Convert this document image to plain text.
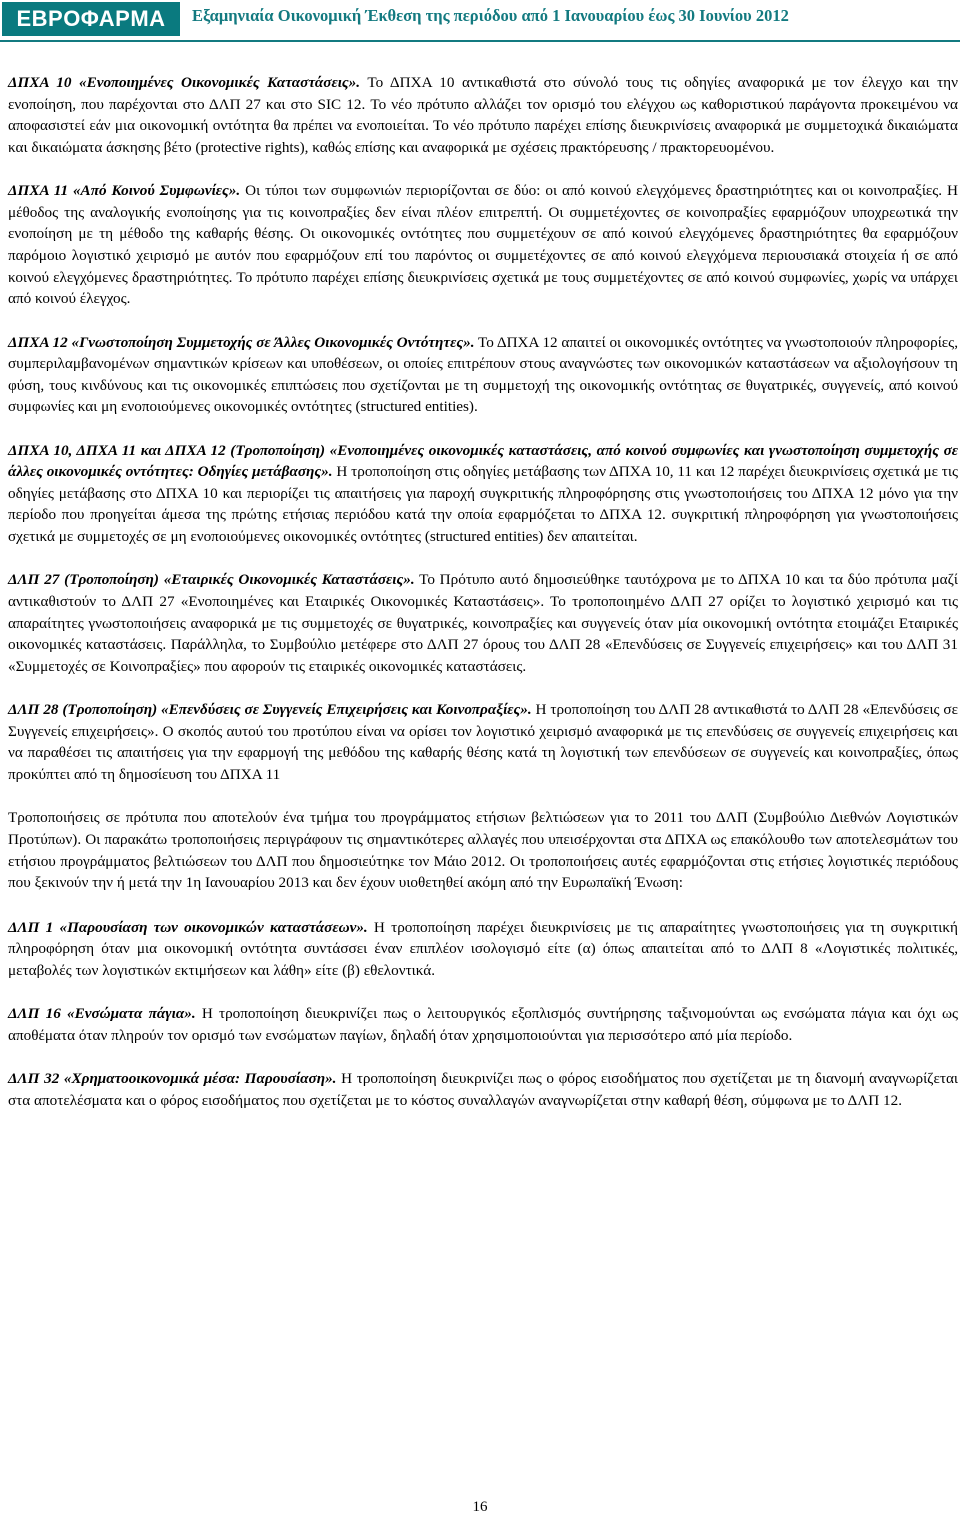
ΕΒΡΟΦΑΡΜΑ	Εξαμηνιαία Οικονομική Έκθεση της περιόδου από 1 Ιανουαρίου έως 30 Ιουνίου 2012

ΔΠΧΑ 10 «Ενοποιημένες Οικονομικές Καταστάσεις». Το ΔΠΧΑ 10 αντικαθιστά στο σύνολό τους τις οδηγίες αναφορικά με τον έλεγχο και την ενοποίηση, που παρέχονται στο ΔΛΠ 27 και στο SIC 12. Το νέο πρότυπο αλλάζει τον ορισμό του ελέγχου ως καθοριστικού παράγοντα προκειμένου να αποφασιστεί εάν μια οικονομική οντότητα θα πρέπει να ενοποιείται. Το νέο πρότυπο παρέχει επίσης διευκρινίσεις αναφορικά με συμμετοχικά δικαιώματα και δικαιώματα άσκησης βέτο (protective rights), καθώς επίσης και αναφορικά με σχέσεις πρακτόρευσης / πρακτορευομένου.

ΔΠΧΑ 11 «Από Κοινού Συμφωνίες». Οι τύποι των συμφωνιών περιορίζονται σε δύο: οι από κοινού ελεγχόμενες δραστηριότητες και οι κοινοπραξίες. Η μέθοδος της αναλογικής ενοποίησης για τις κοινοπραξίες δεν είναι πλέον επιτρεπτή. Οι συμμετέχοντες σε κοινοπραξίες εφαρμόζουν υποχρεωτικά την ενοποίηση με τη μέθοδο της καθαρής θέσης. Οι οικονομικές οντότητες που συμμετέχουν σε από κοινού ελεγχόμενες δραστηριότητες θα εφαρμόζουν παρόμοιο λογιστικό χειρισμό με αυτόν που εφαρμόζουν επί του παρόντος οι συμμετέχοντες σε από κοινού ελεγχόμενα περιουσιακά στοιχεία ή σε από κοινού ελεγχόμενες δραστηριότητες. Το πρότυπο παρέχει επίσης διευκρινίσεις σχετικά με τους συμμετέχοντες σε από κοινού συμφωνίες, χωρίς να υπάρχει από κοινού έλεγχος.

ΔΠΧΑ 12 «Γνωστοποίηση Συμμετοχής σε Άλλες Οικονομικές Οντότητες». Το ΔΠΧΑ 12 απαιτεί οι οικονομικές οντότητες να γνωστοποιούν πληροφορίες, συμπεριλαμβανομένων σημαντικών κρίσεων και υποθέσεων, οι οποίες επιτρέπουν στους αναγνώστες των οικονομικών καταστάσεων να αξιολογήσουν τη φύση, τους κινδύνους και τις οικονομικές επιπτώσεις που σχετίζονται με τη συμμετοχή της οικονομικής οντότητας σε θυγατρικές, συγγενείς, από κοινού συμφωνίες και μη ενοποιούμενες οικονομικές οντότητες (structured entities).

ΔΠΧΑ 10, ΔΠΧΑ 11 και ΔΠΧΑ 12 (Τροποποίηση) «Ενοποιημένες οικονομικές καταστάσεις, από κοινού συμφωνίες και γνωστοποίηση συμμετοχής σε άλλες οικονομικές οντότητες: Οδηγίες μετάβασης». Η τροποποίηση στις οδηγίες μετάβασης των ΔΠΧΑ 10, 11 και 12 παρέχει διευκρινίσεις σχετικά με τις οδηγίες μετάβασης στο ΔΠΧΑ 10 και περιορίζει τις απαιτήσεις για παροχή συγκριτικής πληροφόρησης στις γνωστοποιήσεις του ΔΠΧΑ 12 μόνο για την περίοδο που προηγείται άμεσα της πρώτης ετήσιας περιόδου κατά την οποία εφαρμόζεται το ΔΠΧΑ 12. συγκριτική πληροφόρηση για γνωστοποιήσεις σχετικά με συμμετοχές σε μη ενοποιούμενες οικονομικές οντότητες (structured entities) δεν απαιτείται.

ΔΛΠ 27 (Τροποποίηση) «Εταιρικές Οικονομικές Καταστάσεις». Το Πρότυπο αυτό δημοσιεύθηκε ταυτόχρονα με το ΔΠΧΑ 10 και τα δύο πρότυπα μαζί αντικαθιστούν το ΔΛΠ 27 «Ενοποιημένες και Εταιρικές Οικονομικές Καταστάσεις». Το τροποποιημένο ΔΛΠ 27 ορίζει το λογιστικό χειρισμό και τις απαραίτητες γνωστοποιήσεις αναφορικά με τις συμμετοχές σε θυγατρικές, κοινοπραξίες και συγγενείς όταν μία οικονομική οντότητα ετοιμάζει Εταιρικές οικονομικές καταστάσεις. Παράλληλα, το Συμβούλιο μετέφερε στο ΔΛΠ 27 όρους του ΔΛΠ 28 «Επενδύσεις σε Συγγενείς επιχειρήσεις» και του ΔΛΠ 31 «Συμμετοχές σε Κοινοπραξίες» που αφορούν τις εταιρικές οικονομικές καταστάσεις.

ΔΛΠ 28 (Τροποποίηση) «Επενδύσεις σε Συγγενείς Επιχειρήσεις και Κοινοπραξίες». Η τροποποίηση του ΔΛΠ 28 αντικαθιστά το ΔΛΠ 28 «Επενδύσεις σε Συγγενείς επιχειρήσεις». Ο σκοπός αυτού του προτύπου είναι να ορίσει τον λογιστικό χειρισμό αναφορικά με τις επενδύσεις σε συγγενείς επιχειρήσεις και να παραθέσει τις απαιτήσεις για την εφαρμογή της μεθόδου της καθαρής θέσης κατά τη λογιστική των επενδύσεων σε συγγενείς και κοινοπραξίες, όπως προκύπτει από τη δημοσίευση του ΔΠΧΑ 11

Τροποποιήσεις σε πρότυπα που αποτελούν ένα τμήμα του προγράμματος ετήσιων βελτιώσεων για το 2011 του ΔΛΠ (Συμβούλιο Διεθνών Λογιστικών Προτύπων). Οι παρακάτω τροποποιήσεις περιγράφουν τις σημαντικότερες αλλαγές που υπεισέρχονται στα ΔΠΧΑ ως επακόλουθο των αποτελεσμάτων του ετήσιου προγράμματος βελτιώσεων του ΔΛΠ που δημοσιεύτηκε τον Μάιο 2012. Οι τροποποιήσεις αυτές εφαρμόζονται στις ετήσιες λογιστικές περιόδους που ξεκινούν την ή μετά την 1η Ιανουαρίου 2013 και δεν έχουν υιοθετηθεί ακόμη από την Ευρωπαϊκή Ένωση:

ΔΛΠ 1 «Παρουσίαση των οικονομικών καταστάσεων». Η τροποποίηση παρέχει διευκρινίσεις με τις απαραίτητες γνωστοποιήσεις για τη συγκριτική πληροφόρηση όταν μια οικονομική οντότητα συντάσσει έναν επιπλέον ισολογισμό είτε (α) όπως απαιτείται από το ΔΛΠ 8 «Λογιστικές πολιτικές, μεταβολές των λογιστικών εκτιμήσεων και λάθη» είτε (β) εθελοντικά.

ΔΛΠ 16 «Ενσώματα πάγια». Η τροποποίηση διευκρινίζει πως ο λειτουργικός εξοπλισμός συντήρησης ταξινομούνται ως ενσώματα πάγια και όχι ως αποθέματα όταν πληρούν τον ορισμό των ενσώματων παγίων, δηλαδή όταν χρησιμοποιούνται για περισσότερο από μία περίοδο.

ΔΛΠ 32 «Χρηματοοικονομικά μέσα: Παρουσίαση». Η τροποποίηση διευκρινίζει πως ο φόρος εισοδήματος που σχετίζεται με τη διανομή αναγνωρίζεται στα αποτελέσματα και ο φόρος εισοδήματος που σχετίζεται με το κόστος συναλλαγών αναγνωρίζεται στην καθαρή θέση, σύμφωνα με το ΔΛΠ 12.

16
